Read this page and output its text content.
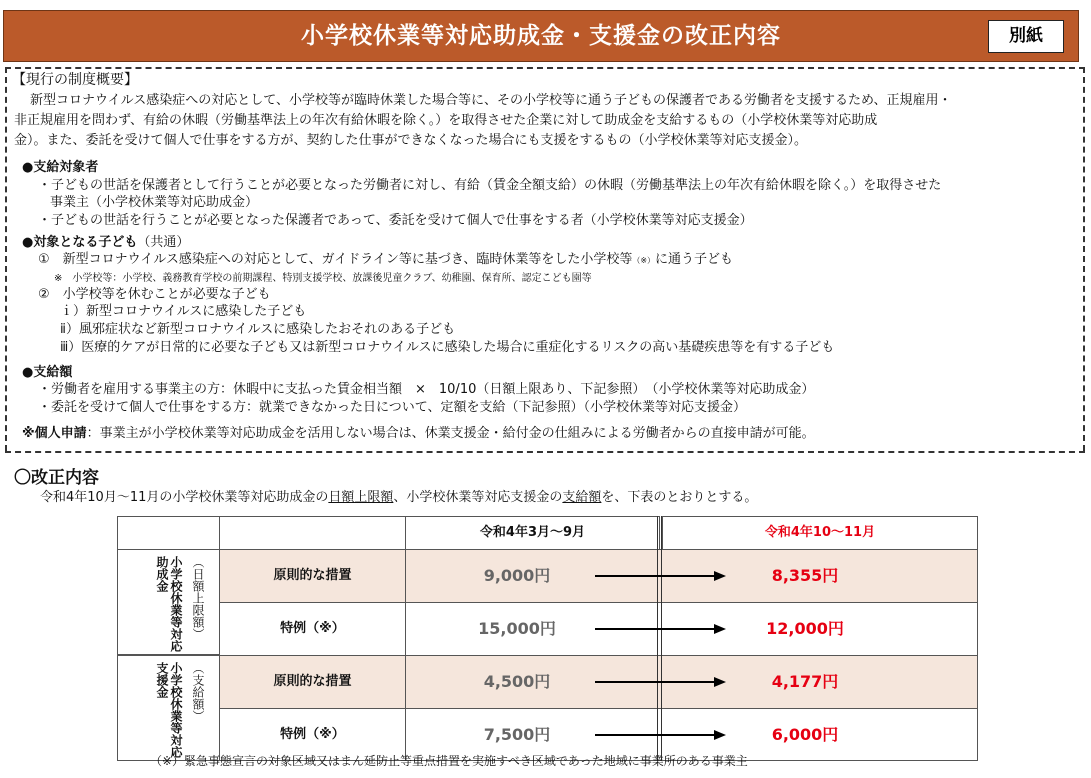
小学校休業等対応助成金・支援金の改正内容	別紙
【現行の制度概要】
新型コロナウイルス感染症への対応として、小学校等が臨時休業した場合等に、その小学校等に通う子どもの保護者である労働者を支援するため、正規雇用・
非正規雇用を問わず、有給の休暇（労働基準法上の年次有給休暇を除く。）を取得させた企業に対して助成金を支給するもの（小学校休業等対応助成
金）。また、委託を受けて個人で仕事をする方が、契約した仕事ができなくなった場合にも支援をするもの（小学校休業等対応支援金）。
●支給対象者
・子どもの世話を保護者として行うことが必要となった労働者に対し、有給（賃金全額支給）の休暇（労働基準法上の年次有給休暇を除く。）を取得させた
事業主（小学校休業等対応助成金）
・子どもの世話を行うことが必要となった保護者であって、委託を受けて個人で仕事をする者（小学校休業等対応支援金）
●対象となる子ども（共通）
①　新型コロナウイルス感染症への対応として、ガイドライン等に基づき、臨時休業等をした小学校等（※）に通う子ども
※　小学校等：小学校、義務教育学校の前期課程、特別支援学校、放課後児童クラブ、幼稚園、保育所、認定こども園等
②　小学校等を休むことが必要な子ども
ｉ）新型コロナウイルスに感染した子ども
ⅱ）風邪症状など新型コロナウイルスに感染したおそれのある子ども
ⅲ）医療的ケアが日常的に必要な子ども又は新型コロナウイルスに感染した場合に重症化するリスクの高い基礎疾患等を有する子ども
●支給額
・労働者を雇用する事業主の方：休暇中に支払った賃金相当額　×　10/10（日額上限あり、下記参照）　（小学校休業等対応助成金）
・委託を受けて個人で仕事をする方：就業できなかった日について、定額を支給（下記参照）（小学校休業等対応支援金）
※個人申請：事業主が小学校休業等対応助成金を活用しない場合は、休業支援金・給付金の仕組みによる労働者からの直接申請が可能。
〇改正内容
令和4年10月～11月の小学校休業等対応助成金の日額上限額、小学校休業等対応支援金の支給額を、下表のとおりとする。
令和4年3月～9月	令和4年10～11月
小学校休業等対応助成金	（日額上限額）	原則的な措置	9,000円	8,355円
特例（※）	15,000円	12,000円
小学校休業等対応支援金	（支給額）	原則的な措置	4,500円	4,177円
特例（※）	7,500円	6,000円
（※）緊急事態宣言の対象区域又はまん延防止等重点措置を実施すべき区域であった地域に事業所のある事業主
